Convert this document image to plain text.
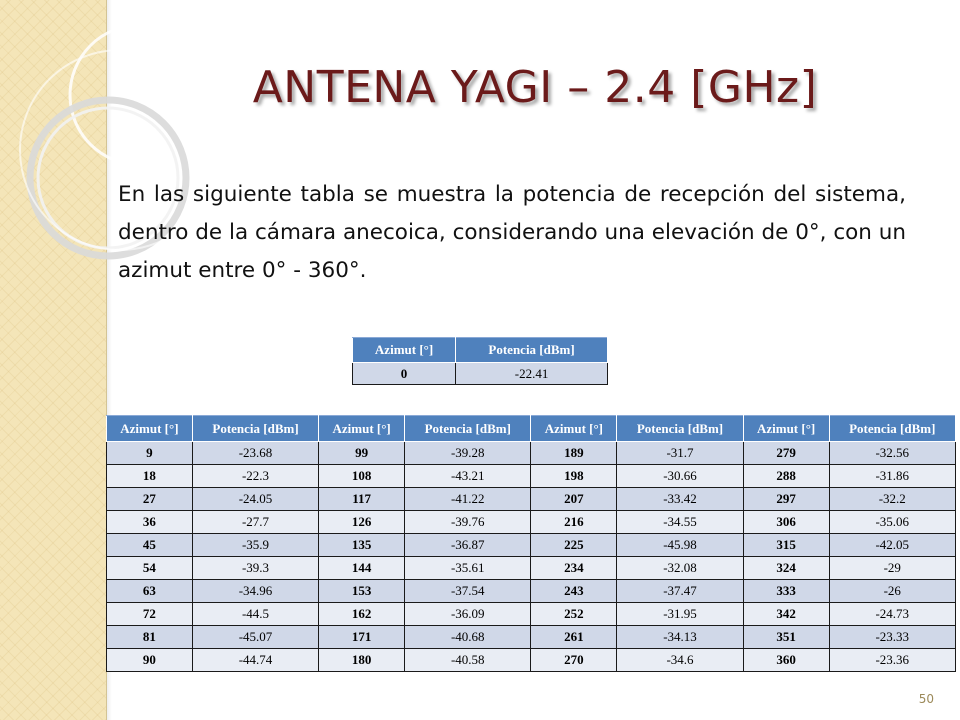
ANTENA YAGI – 2.4 [GHz]
En las siguiente tabla se muestra la potencia de recepción del sistema, dentro de la cámara anecoica, considerando una elevación de 0°, con un azimut entre 0° - 360°.
Azimut [°]	Potencia [dBm]
0	-22.41
Azimut [°]	Potencia [dBm]	Azimut [°]	Potencia [dBm]	Azimut [°]	Potencia [dBm]	Azimut [°]	Potencia [dBm]
9	-23.68	99	-39.28	189	-31.7	279	-32.56
18	-22.3	108	-43.21	198	-30.66	288	-31.86
27	-24.05	117	-41.22	207	-33.42	297	-32.2
36	-27.7	126	-39.76	216	-34.55	306	-35.06
45	-35.9	135	-36.87	225	-45.98	315	-42.05
54	-39.3	144	-35.61	234	-32.08	324	-29
63	-34.96	153	-37.54	243	-37.47	333	-26
72	-44.5	162	-36.09	252	-31.95	342	-24.73
81	-45.07	171	-40.68	261	-34.13	351	-23.33
90	-44.74	180	-40.58	270	-34.6	360	-23.36
50
